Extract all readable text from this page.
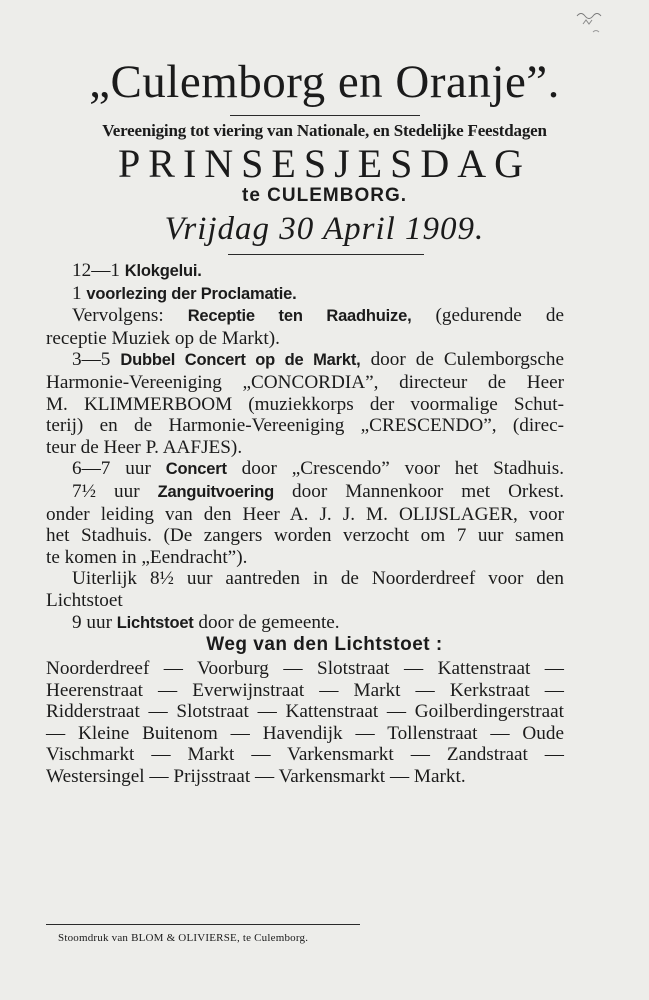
„Culemborg en Oranje”.
Vereeniging tot viering van Nationale, en Stedelijke Feestdagen
PRINSESJESDAG
te CULEMBORG.
Vrijdag 30 April 1909.

12—1 Klokgelui.

1 voorlezing der Proclamatie.

Vervolgens: Receptie ten Raadhuize, (gedurende de

receptie Muziek op de Markt).

3—5 Dubbel Concert op de Markt, door de Culemborgsche

Harmonie-Vereeniging „CONCORDIA”, directeur de Heer

M. KLIMMERBOOM (muziekkorps der voormalige Schut-

terij) en de Harmonie-Vereeniging „CRESCENDO”, (direc-

teur de Heer P. AAFJES).

6—7 uur Concert door „Crescendo” voor het Stadhuis.

7½ uur Zanguitvoering door Mannenkoor met Orkest.

onder leiding van den Heer A. J. J. M. OLIJSLAGER, voor

het Stadhuis. (De zangers worden verzocht om 7 uur samen

te komen in „Eendracht”).

Uiterlijk 8½ uur aantreden in de Noorderdreef voor den

Lichtstoet

9 uur Lichtstoet door de gemeente.

Weg van den Lichtstoet :

Noorderdreef — Voorburg — Slotstraat — Kattenstraat —

Heerenstraat — Everwijnstraat — Markt — Kerkstraat —

Ridderstraat — Slotstraat — Kattenstraat — Goilberdingerstraat

— Kleine Buitenom — Havendijk — Tollenstraat — Oude

Vischmarkt — Markt — Varkensmarkt — Zandstraat —

Westersingel — Prijsstraat — Varkensmarkt — Markt.

Stoomdruk van BLOM & OLIVIERSE, te Culemborg.
